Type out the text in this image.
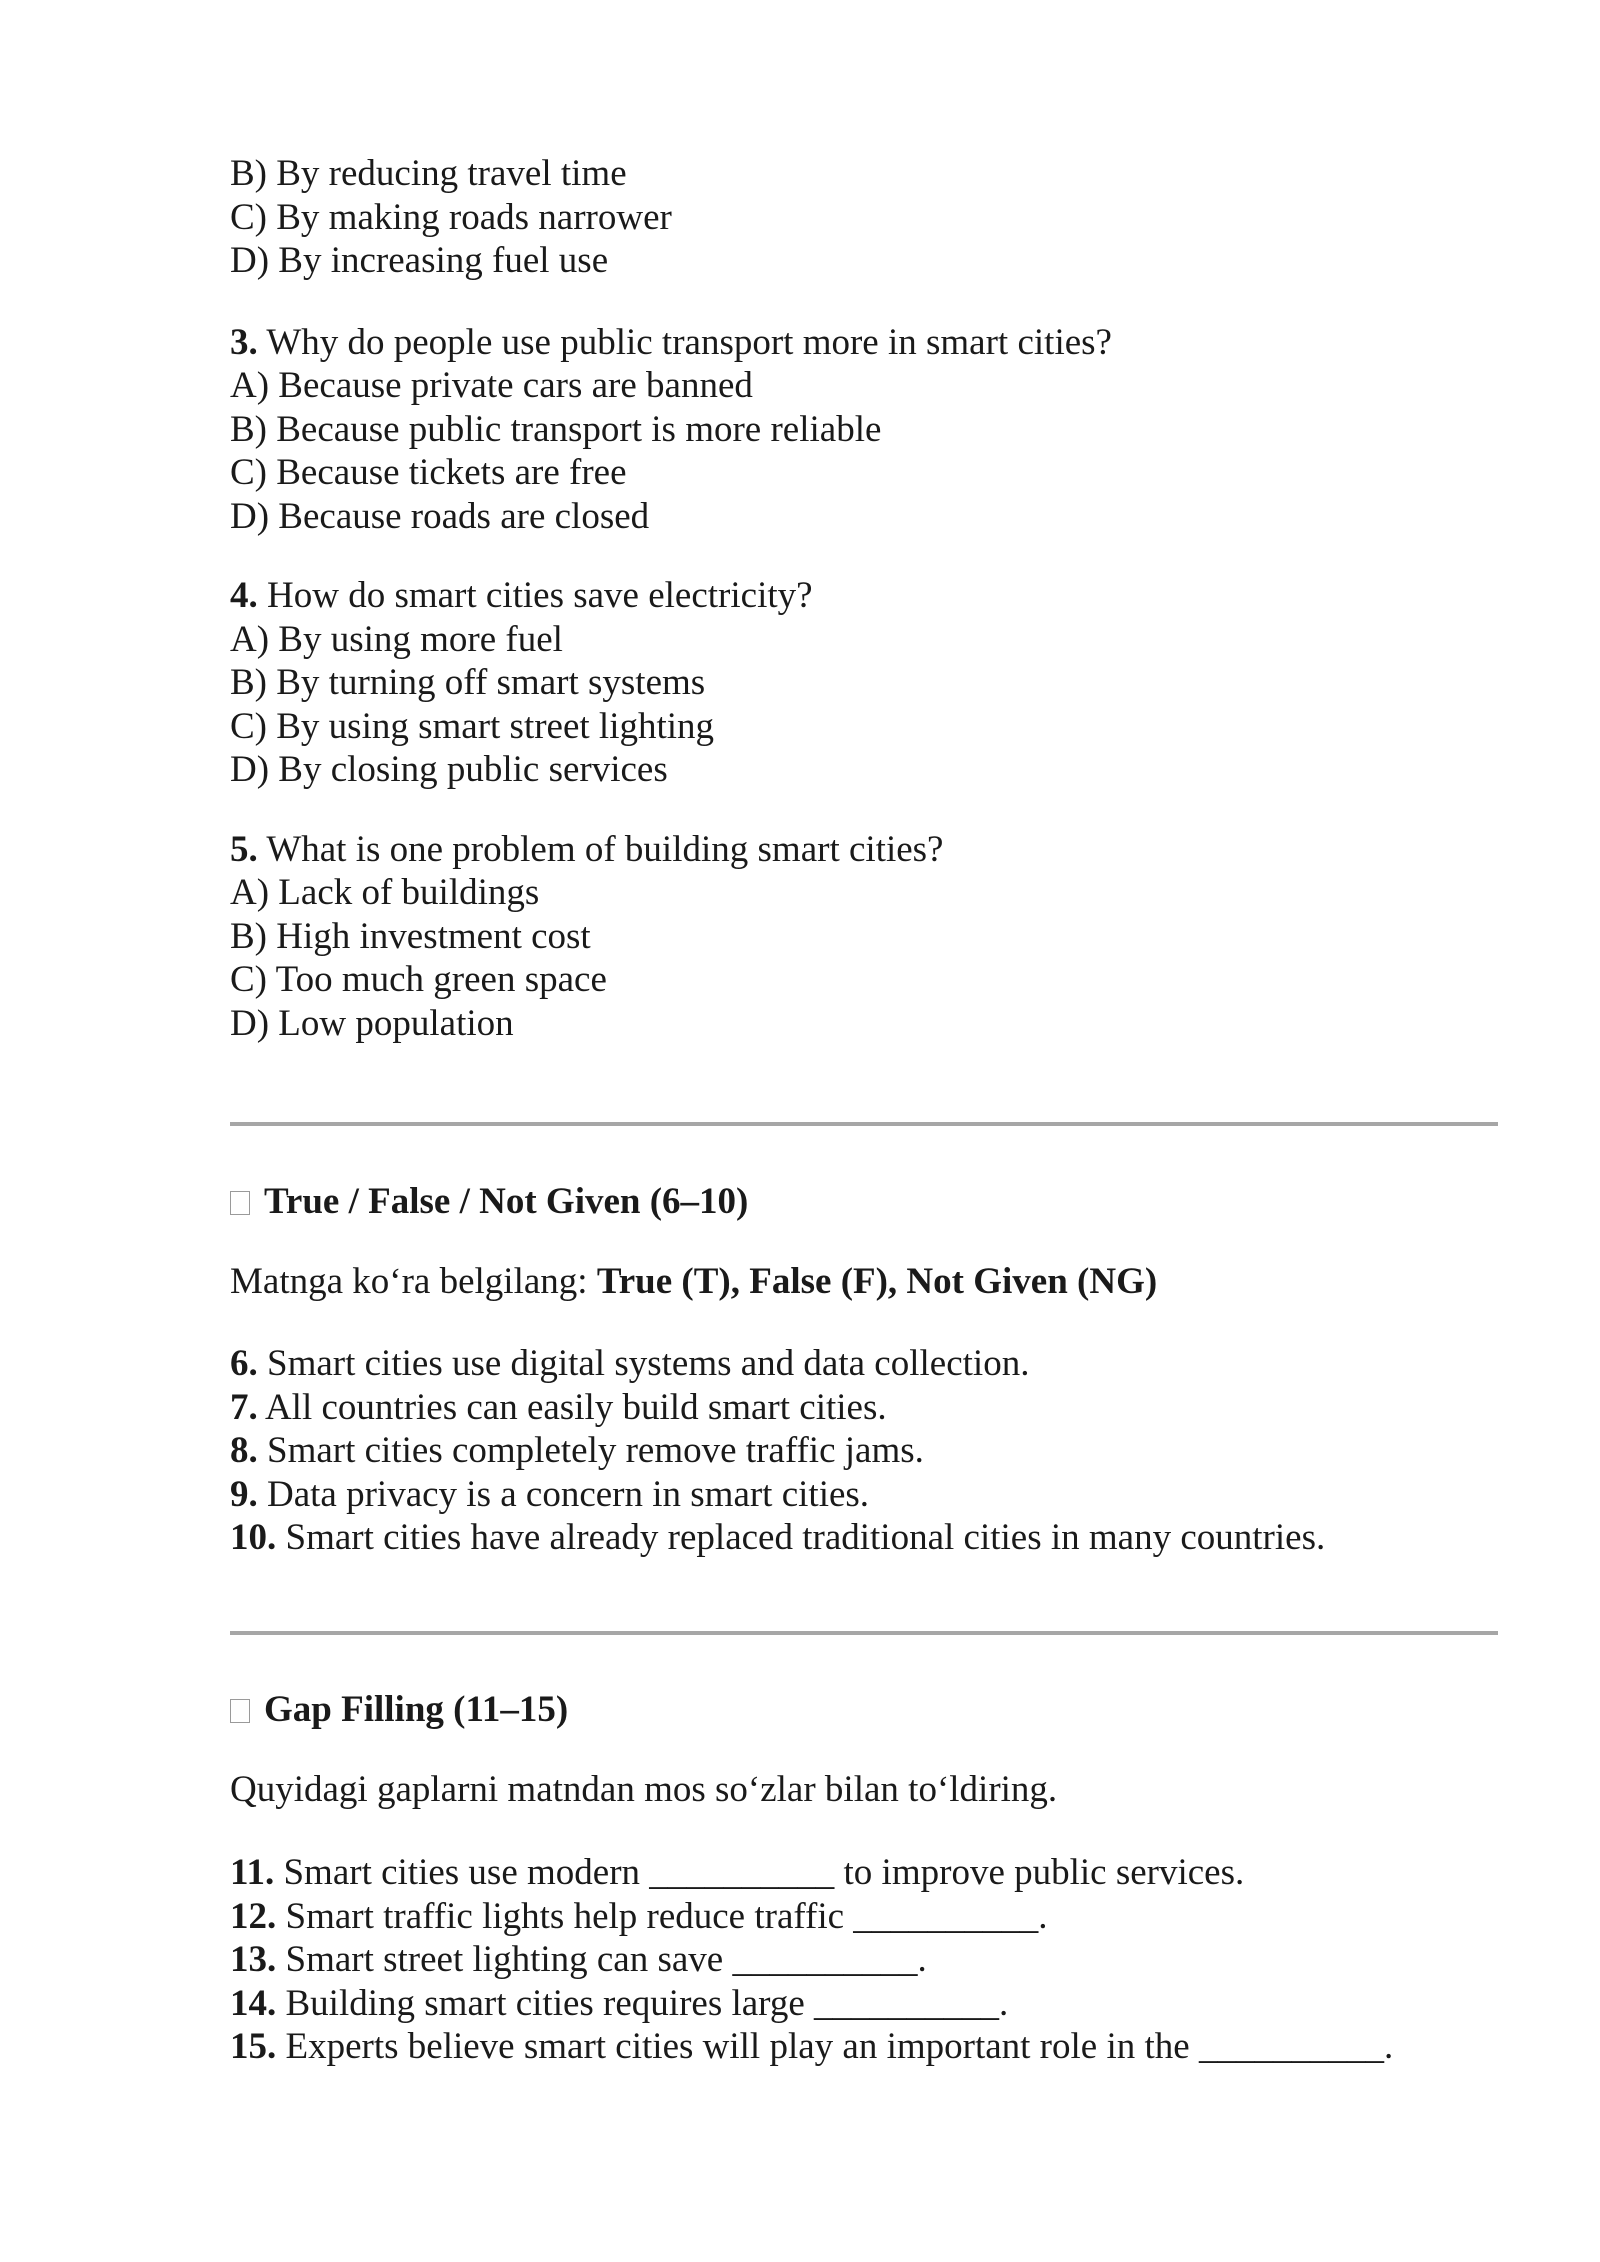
B) By reducing travel time
C) By making roads narrower
D) By increasing fuel use
3. Why do people use public transport more in smart cities?
A) Because private cars are banned
B) Because public transport is more reliable
C) Because tickets are free
D) Because roads are closed
4. How do smart cities save electricity?
A) By using more fuel
B) By turning off smart systems
C) By using smart street lighting
D) By closing public services
5. What is one problem of building smart cities?
A) Lack of buildings
B) High investment cost
C) Too much green space
D) Low population
True / False / Not Given (6–10)
Matnga ko‘ra belgilang: True (T), False (F), Not Given (NG)
6. Smart cities use digital systems and data collection.
7. All countries can easily build smart cities.
8. Smart cities completely remove traffic jams.
9. Data privacy is a concern in smart cities.
10. Smart cities have already replaced traditional cities in many countries.
Gap Filling (11–15)
Quyidagi gaplarni matndan mos so‘zlar bilan to‘ldiring.
11. Smart cities use modern __________ to improve public services.
12. Smart traffic lights help reduce traffic __________.
13. Smart street lighting can save __________.
14. Building smart cities requires large __________.
15. Experts believe smart cities will play an important role in the __________.
